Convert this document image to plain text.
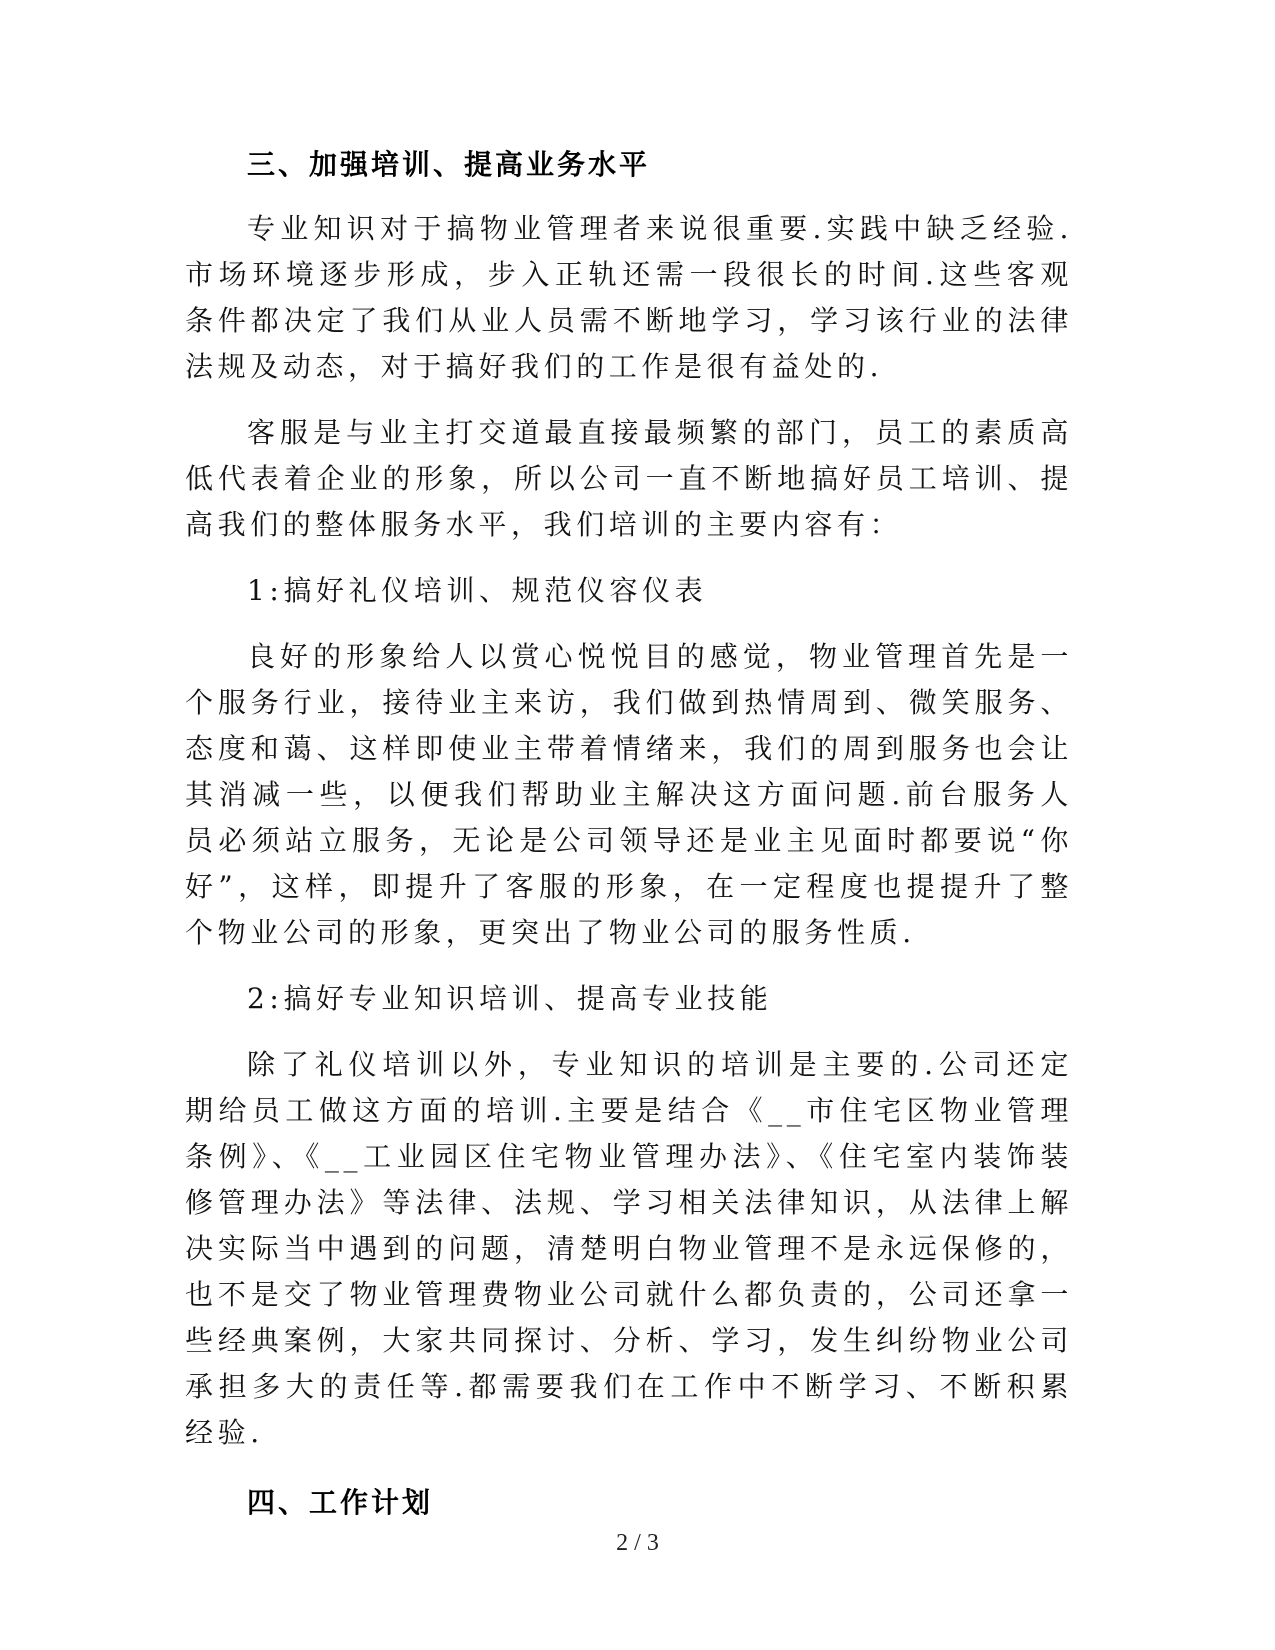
三、加强培训、提高业务水平

专业知识对于搞物业管理者来说很重要.实践中缺乏经验.市场环境逐步形成，步入正轨还需一段很长的时间.这些客观条件都决定了我们从业人员需不断地学习，学习该行业的法律法规及动态，对于搞好我们的工作是很有益处的.

客服是与业主打交道最直接最频繁的部门，员工的素质高低代表着企业的形象，所以公司一直不断地搞好员工培训、提高我们的整体服务水平，我们培训的主要内容有：

1:搞好礼仪培训、规范仪容仪表

良好的形象给人以赏心悦悦目的感觉，物业管理首先是一个服务行业，接待业主来访，我们做到热情周到、微笑服务、态度和蔼、这样即使业主带着情绪来，我们的周到服务也会让其消减一些，以便我们帮助业主解决这方面问题.前台服务人员必须站立服务，无论是公司领导还是业主见面时都要说“你好”，这样，即提升了客服的形象，在一定程度也提提升了整个物业公司的形象，更突出了物业公司的服务性质.

2:搞好专业知识培训、提高专业技能

除了礼仪培训以外，专业知识的培训是主要的.公司还定期给员工做这方面的培训.主要是结合《__市住宅区物业管理条例》、《__工业园区住宅物业管理办法》、《住宅室内装饰装修管理办法》等法律、法规、学习相关法律知识，从法律上解决实际当中遇到的问题，清楚明白物业管理不是永远保修的，也不是交了物业管理费物业公司就什么都负责的，公司还拿一些经典案例，大家共同探讨、分析、学习，发生纠纷物业公司承担多大的责任等.都需要我们在工作中不断学习、不断积累经验.

四、工作计划
2 / 3
